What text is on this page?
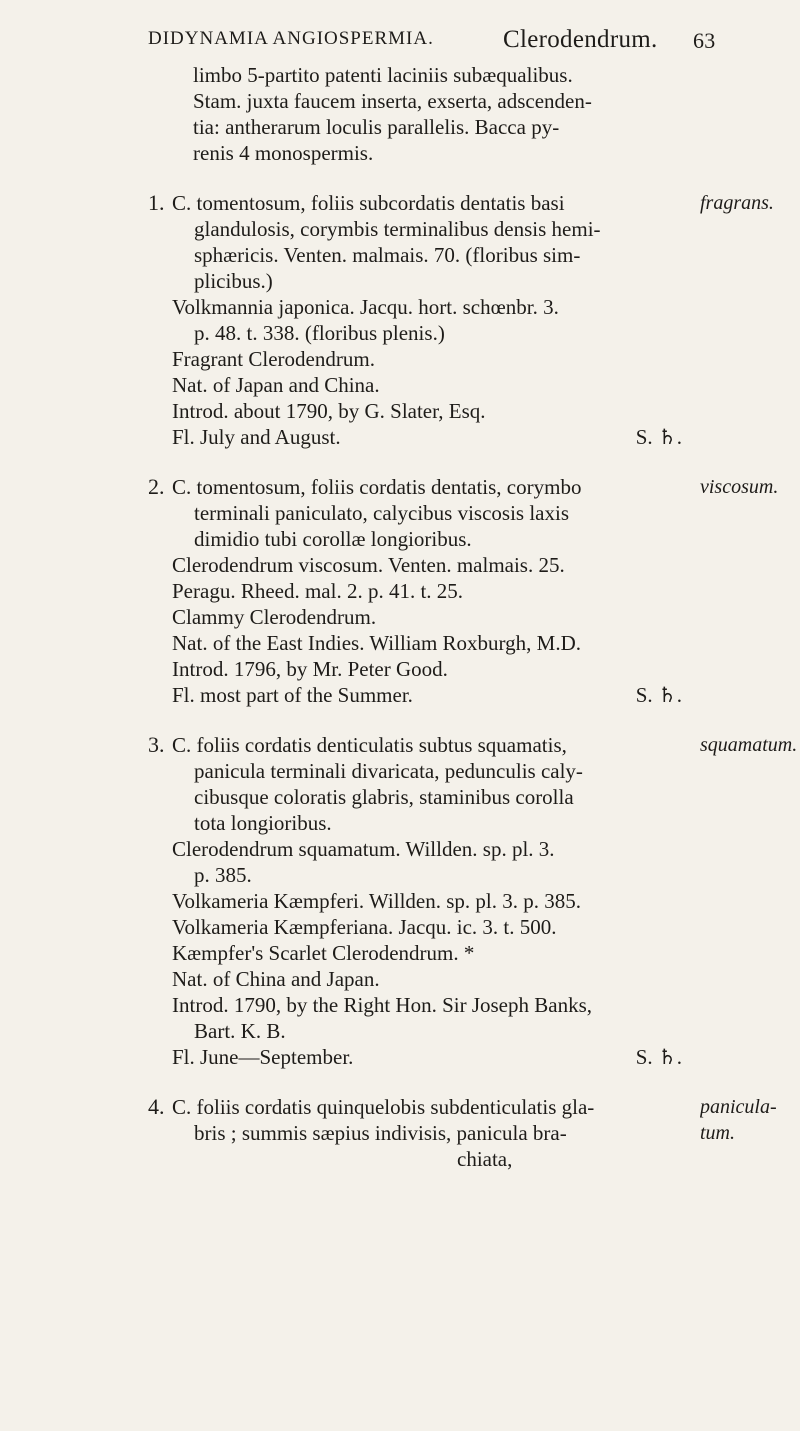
DIDYNAMIA ANGIOSPERMIA.	Clerodendrum. 63
limbo 5-partito patenti laciniis subæqualibus.
Stam. juxta faucem inserta, exserta, adscenden-
tia: antherarum loculis parallelis. Bacca py-
renis 4 monospermis.
1.	fragrans.
C. tomentosum, foliis subcordatis dentatis basi
glandulosis, corymbis terminalibus densis hemi-
sphæricis. Venten. malmais. 70. (floribus sim-
plicibus.)
Volkmannia japonica. Jacqu. hort. schœnbr. 3.
p. 48. t. 338. (floribus plenis.)
Fragrant Clerodendrum.
Nat. of Japan and China.
Introd. about 1790, by G. Slater, Esq.
Fl. July and August.	S. ♄.
2.	viscosum.
C. tomentosum, foliis cordatis dentatis, corymbo
terminali paniculato, calycibus viscosis laxis
dimidio tubi corollæ longioribus.
Clerodendrum viscosum. Venten. malmais. 25.
Peragu. Rheed. mal. 2. p. 41. t. 25.
Clammy Clerodendrum.
Nat. of the East Indies. William Roxburgh, M.D.
Introd. 1796, by Mr. Peter Good.
Fl. most part of the Summer.	S. ♄.
3.	squamatum.
C. foliis cordatis denticulatis subtus squamatis,
panicula terminali divaricata, pedunculis caly-
cibusque coloratis glabris, staminibus corolla
tota longioribus.
Clerodendrum squamatum. Willden. sp. pl. 3.
p. 385.
Volkameria Kæmpferi. Willden. sp. pl. 3. p. 385.
Volkameria Kæmpferiana. Jacqu. ic. 3. t. 500.
Kæmpfer's Scarlet Clerodendrum. *
Nat. of China and Japan.
Introd. 1790, by the Right Hon. Sir Joseph Banks,
Bart. K. B.
Fl. June—September.	S. ♄.
4.	panicula-
tum.
C. foliis cordatis quinquelobis subdenticulatis gla-
bris ; summis sæpius indivisis, panicula bra-
chiata,
